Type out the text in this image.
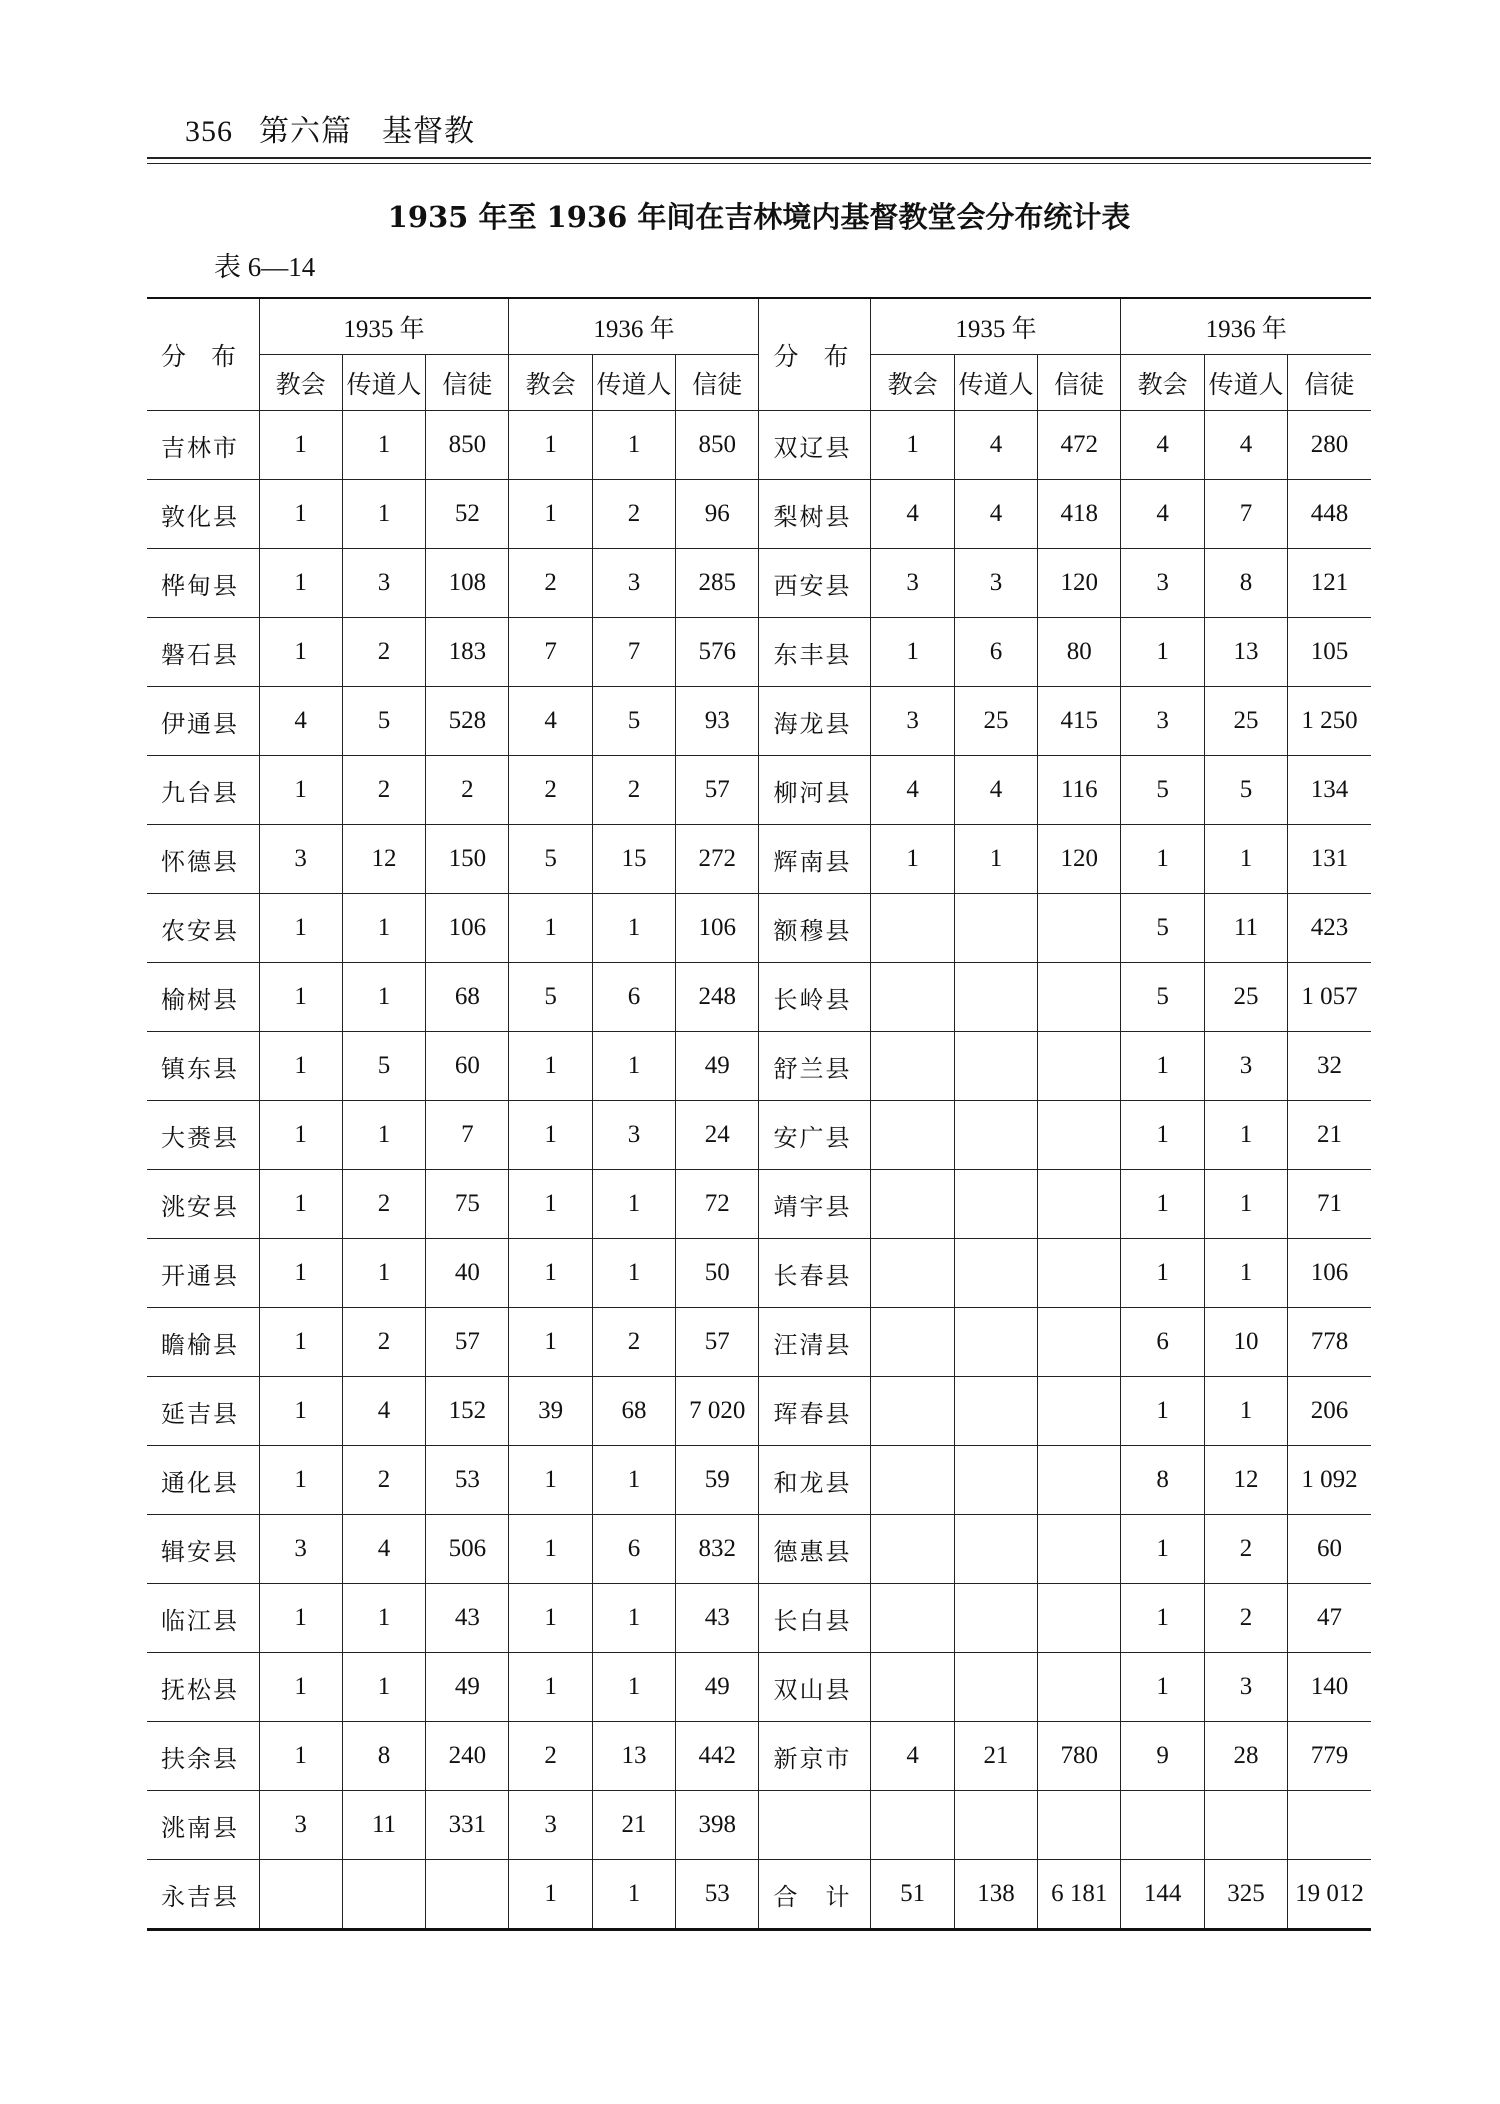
356 第六篇 基督教
1935 年至 1936 年间在吉林境内基督教堂会分布统计表
表 6—14
分　布	1935 年			1936 年			分　布	1935 年			1936 年		
	教会	传道人	信徒	教会	传道人	信徒		教会	传道人	信徒	教会	传道人	信徒
吉林市	1	1	850	1	1	850	双辽县	1	4	472	4	4	280
敦化县	1	1	52	1	2	96	梨树县	4	4	418	4	7	448
桦甸县	1	3	108	2	3	285	西安县	3	3	120	3	8	121
磐石县	1	2	183	7	7	576	东丰县	1	6	80	1	13	105
伊通县	4	5	528	4	5	93	海龙县	3	25	415	3	25	1 250
九台县	1	2	2	2	2	57	柳河县	4	4	116	5	5	134
怀德县	3	12	150	5	15	272	辉南县	1	1	120	1	1	131
农安县	1	1	106	1	1	106	额穆县				5	11	423
榆树县	1	1	68	5	6	248	长岭县				5	25	1 057
镇东县	1	5	60	1	1	49	舒兰县				1	3	32
大赉县	1	1	7	1	3	24	安广县				1	1	21
洮安县	1	2	75	1	1	72	靖宇县				1	1	71
开通县	1	1	40	1	1	50	长春县				1	1	106
瞻榆县	1	2	57	1	2	57	汪清县				6	10	778
延吉县	1	4	152	39	68	7 020	珲春县				1	1	206
通化县	1	2	53	1	1	59	和龙县				8	12	1 092
辑安县	3	4	506	1	6	832	德惠县				1	2	60
临江县	1	1	43	1	1	43	长白县				1	2	47
抚松县	1	1	49	1	1	49	双山县				1	3	140
扶余县	1	8	240	2	13	442	新京市	4	21	780	9	28	779
洮南县	3	11	331	3	21	398							
永吉县				1	1	53	合　计	51	138	6 181	144	325	19 012
